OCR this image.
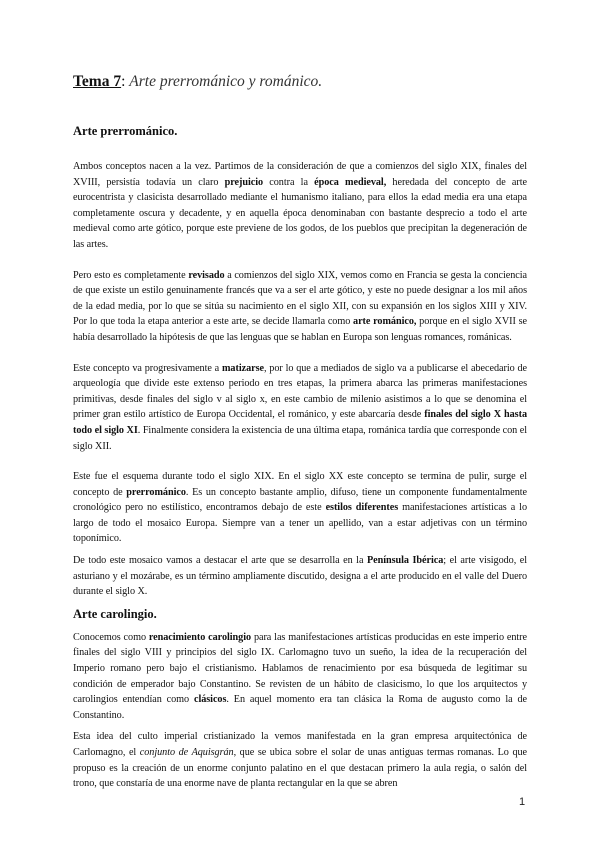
Tema 7: Arte prerrománico y románico.
Arte prerrománico.

Ambos conceptos nacen a la vez. Partimos de la consideración de que a comienzos del siglo XIX, finales del XVIII, persistía todavía un claro prejuicio contra la época medieval, heredada del concepto de arte eurocentrista y clasicista desarrollado mediante el humanismo italiano, para ellos la edad media era una etapa completamente oscura y decadente, y en aquella época denominaban con bastante desprecio a todo el arte medieval como arte gótico, porque este previene de los godos, de los pueblos que precipitan la degeneración de las artes.

Pero esto es completamente revisado a comienzos del siglo XIX, vemos como en Francia se gesta la conciencia de que existe un estilo genuinamente francés que va a ser el arte gótico, y este no puede designar a los mil años de la edad media, por lo que se sitúa su nacimiento en el siglo XII, con su expansión en los siglos XIII y XIV. Por lo que toda la etapa anterior a este arte, se decide llamarla como arte románico, porque en el siglo XVII se había desarrollado la hipótesis de que las lenguas que se hablan en Europa son lenguas romances, románicas.

Este concepto va progresivamente a matizarse, por lo que a mediados de siglo va a publicarse el abecedario de arqueología que divide este extenso periodo en tres etapas, la primera abarca las primeras manifestaciones primitivas, desde finales del siglo v al siglo x, en este cambio de milenio asistimos a lo que se denomina el primer gran estilo artístico de Europa Occidental, el románico, y este abarcaría desde finales del siglo X hasta todo el siglo XI. Finalmente considera la existencia de una última etapa, románica tardía que corresponde con el siglo XII.

Este fue el esquema durante todo el siglo XIX. En el siglo XX este concepto se termina de pulir, surge el concepto de prerrománico. Es un concepto bastante amplio, difuso, tiene un componente fundamentalmente cronológico pero no estilístico, encontramos debajo de este estilos diferentes manifestaciones artísticas a lo largo de todo el mosaico Europa. Siempre van a tener un apellido, van a estar adjetivas con un término toponímico.

De todo este mosaico vamos a destacar el arte que se desarrolla en la Península Ibérica; el arte visigodo, el asturiano y el mozárabe, es un término ampliamente discutido, designa a el arte producido en el valle del Duero durante el siglo X.

Arte carolingio.

Conocemos como renacimiento carolingio para las manifestaciones artísticas producidas en este imperio entre finales del siglo VIII y principios del siglo IX. Carlomagno tuvo un sueño, la idea de la recuperación del Imperio romano pero bajo el cristianismo. Hablamos de renacimiento por esa búsqueda de legitimar su condición de emperador bajo Constantino. Se revisten de un hábito de clasicismo, lo que los arquitectos y carolingios entendían como clásicos. En aquel momento era tan clásica la Roma de augusto como la de Constantino.

Esta idea del culto imperial cristianizado la vemos manifestada en la gran empresa arquitectónica de Carlomagno, el conjunto de Aquisgrán, que se ubica sobre el solar de unas antiguas termas romanas. Lo que propuso es la creación de un enorme conjunto palatino en el que destacan primero la aula regia, o salón del trono, que constaría de una enorme nave de planta rectangular en la que se abren

1
